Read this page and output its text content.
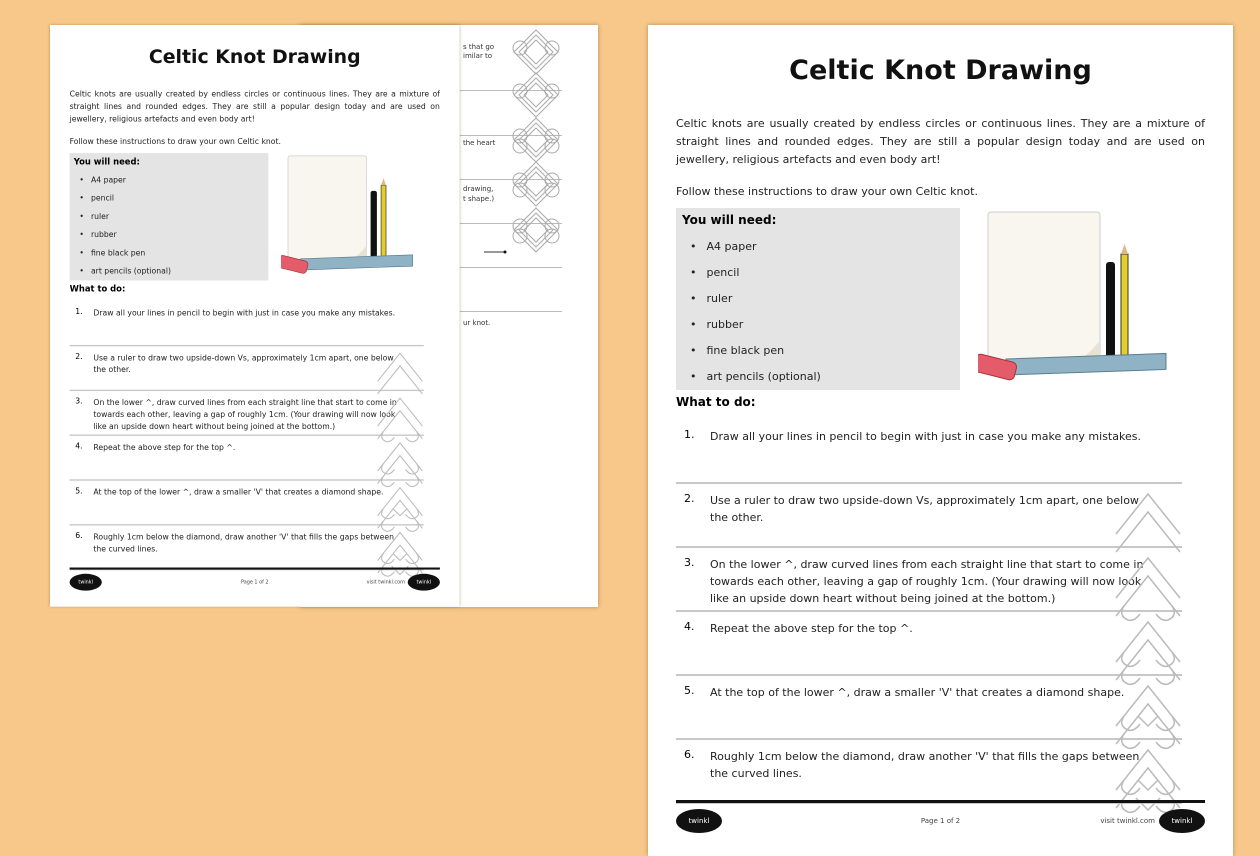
s that go
imilar to
the heart
drawing,
t shape.)
ur knot.
Celtic Knot Drawing
Celtic knots are usually created by endless circles or continuous lines. They are a mixture of straight lines and rounded edges. They are still a popular design today and are used on jewellery, religious artefacts and even body art!
Follow these instructions to draw your own Celtic knot.
You will need:
• A4 paper
• pencil
• ruler
• rubber
• fine black pen
• art pencils (optional)
What to do:
1. Draw all your lines in pencil to begin with just in case you make any mistakes.
2. Use a ruler to draw two upside-down Vs, approximately 1cm apart, one below the other.
3. On the lower ^, draw curved lines from each straight line that start to come in towards each other, leaving a gap of roughly 1cm. (Your drawing will now look like an upside down heart without being joined at the bottom.)
4. Repeat the above step for the top ^.
5. At the top of the lower ^, draw a smaller 'V' that creates a diamond shape.
6. Roughly 1cm below the diamond, draw another 'V' that fills the gaps between the curved lines.
twinkl	Page 1 of 2	visit twinkl.com	twinkl
Celtic Knot Drawing
Celtic knots are usually created by endless circles or continuous lines. They are a mixture of straight lines and rounded edges. They are still a popular design today and are used on jewellery, religious artefacts and even body art!
Follow these instructions to draw your own Celtic knot.
You will need:
• A4 paper
• pencil
• ruler
• rubber
• fine black pen
• art pencils (optional)
What to do:
1. Draw all your lines in pencil to begin with just in case you make any mistakes.
2. Use a ruler to draw two upside-down Vs, approximately 1cm apart, one below the other.
3. On the lower ^, draw curved lines from each straight line that start to come in towards each other, leaving a gap of roughly 1cm. (Your drawing will now look like an upside down heart without being joined at the bottom.)
4. Repeat the above step for the top ^.
5. At the top of the lower ^, draw a smaller 'V' that creates a diamond shape.
6. Roughly 1cm below the diamond, draw another 'V' that fills the gaps between the curved lines.
twinkl	Page 1 of 2	visit twinkl.com	twinkl
